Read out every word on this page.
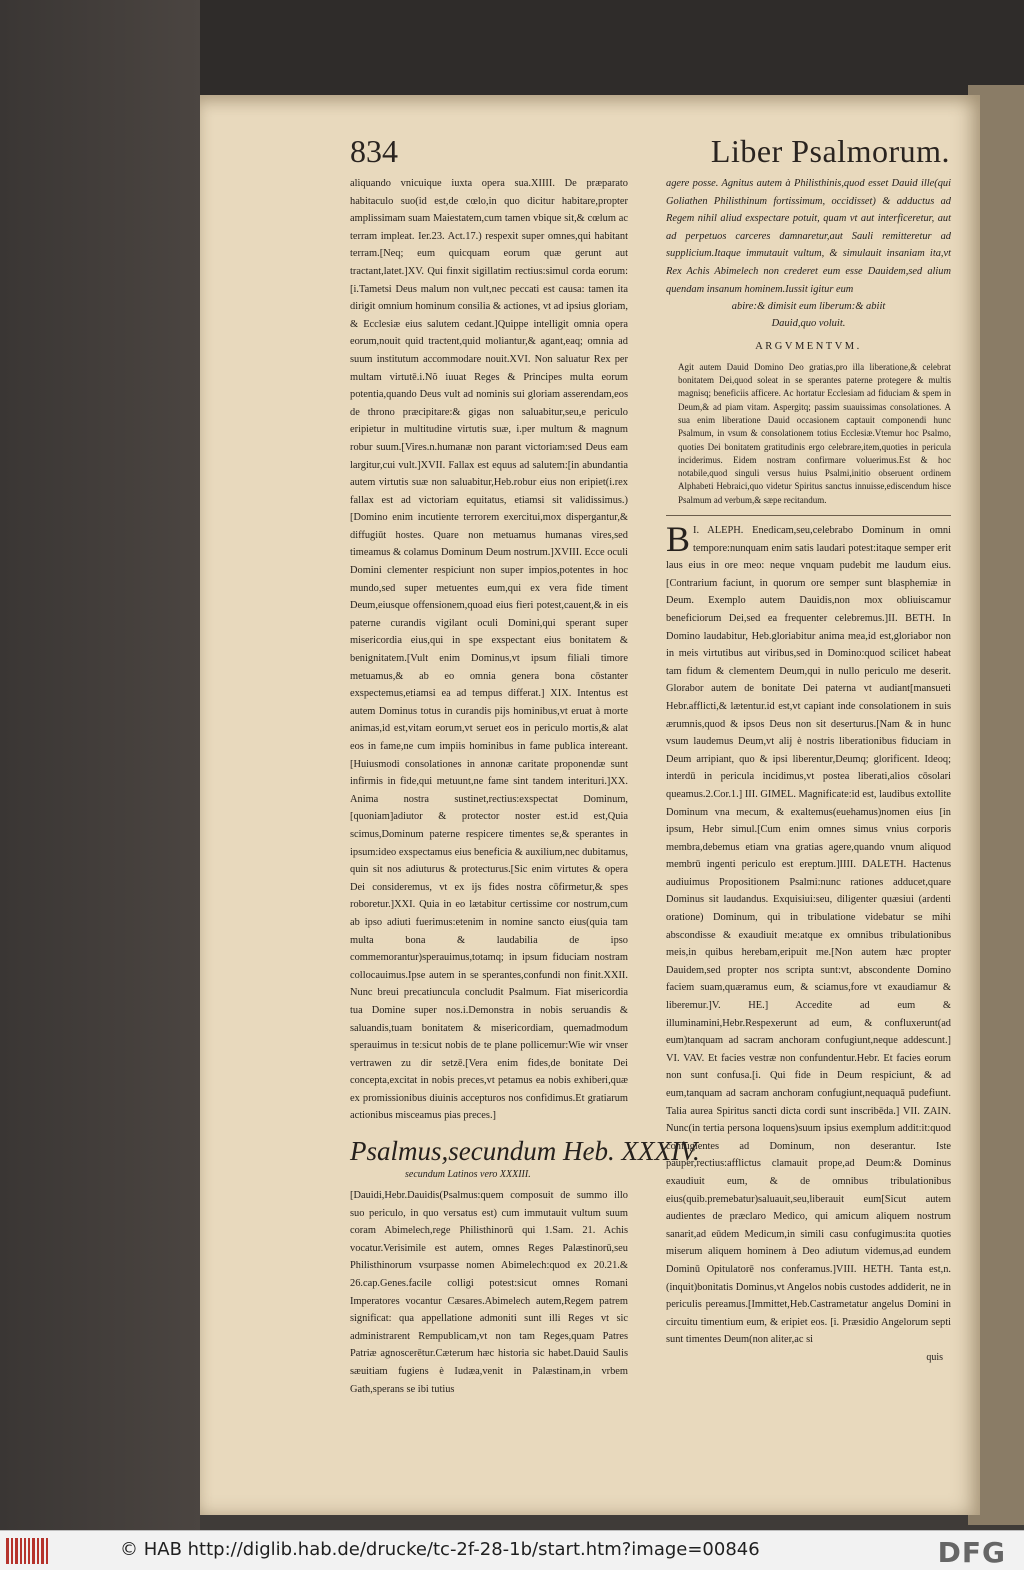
834	Liber Psalmorum.

aliquando vnicuique iuxta opera sua.XIIII. De præparato habitaculo suo(id est,de cœlo,in quo dicitur habitare,propter amplissimam suam Maiestatem,cum tamen vbique sit,& cœlum ac terram impleat. Ier.23. Act.17.) respexit super omnes,qui habitant terram.[Neq; eum quicquam eorum quæ gerunt aut tractant,latet.]XV. Qui finxit sigillatim rectius:simul corda eorum:[i.Tametsi Deus malum non vult,nec peccati est causa: tamen ita dirigit omnium hominum consilia & actiones, vt ad ipsius gloriam, & Ecclesiæ eius salutem cedant.]Quippe intelligit omnia opera eorum,nouit quid tractent,quid moliantur,& agant,eaq; omnia ad suum institutum accommodare nouit.XVI. Non saluatur Rex per multam virtutē.i.Nõ iuuat Reges & Principes multa eorum potentia,quando Deus vult ad nominis sui gloriam asserendam,eos de throno præcipitare:& gigas non saluabitur,seu,e periculo eripietur in multitudine virtutis suæ, i.per multum & magnum robur suum.[Vires.n.humanæ non parant victoriam:sed Deus eam largitur,cui vult.]XVII. Fallax est equus ad salutem:[in abundantia autem virtutis suæ non saluabitur,Heb.robur eius non eripiet(i.rex fallax est ad victoriam equitatus, etiamsi sit validissimus.)[Domino enim incutiente terrorem exercitui,mox dispergantur,& diffugiūt hostes. Quare non metuamus humanas vires,sed timeamus & colamus Dominum Deum nostrum.]XVIII. Ecce oculi Domini clementer respiciunt non super impios,potentes in hoc mundo,sed super metuentes eum,qui ex vera fide timent Deum,eiusque offensionem,quoad eius fieri potest,cauent,& in eis paterne curandis vigilant oculi Domini,qui sperant super misericordia eius,qui in spe exspectant eius bonitatem & benignitatem.[Vult enim Dominus,vt ipsum filiali timore metuamus,& ab eo omnia genera bona cōstanter exspectemus,etiamsi ea ad tempus differat.] XIX. Intentus est autem Dominus totus in curandis pijs hominibus,vt eruat à morte animas,id est,vitam eorum,vt seruet eos in periculo mortis,& alat eos in fame,ne cum impiis hominibus in fame publica intereant.[Huiusmodi consolationes in annonæ caritate proponendæ sunt infirmis in fide,qui metuunt,ne fame sint tandem interituri.]XX. Anima nostra sustinet,rectius:exspectat Dominum,[quoniam]adiutor & protector noster est.id est,Quia scimus,Dominum paterne respicere timentes se,& sperantes in ipsum:ideo exspectamus eius beneficia & auxilium,nec dubitamus, quin sit nos adiuturus & protecturus.[Sic enim virtutes & opera Dei consideremus, vt ex ijs fides nostra cōfirmetur,& spes roboretur.]XXI. Quia in eo lætabitur certissime cor nostrum,cum ab ipso adiuti fuerimus:etenim in nomine sancto eius(quia tam multa bona & laudabilia de ipso commemorantur)sperauimus,totamq; in ipsum fiduciam nostram collocauimus.Ipse autem in se sperantes,confundi non finit.XXII. Nunc breui precatiuncula concludit Psalmum. Fiat misericordia tua Domine super nos.i.Demonstra in nobis seruandis & saluandis,tuam bonitatem & misericordiam, quemadmodum sperauimus in te:sicut nobis de te plane pollicemur:Wie wir vnser vertrawen zu dir setzē.[Vera enim fides,de bonitate Dei concepta,excitat in nobis preces,vt petamus ea nobis exhiberi,quæ ex promissionibus diuinis accepturos nos confidimus.Et gratiarum actionibus misceamus pias preces.]

Psalmus,secundum Heb. XXXIV.
secundum Latinos vero XXXIII.

[Dauidi,Hebr.Dauidis(Psalmus:quem composuit de summo illo suo periculo, in quo versatus est) cum immutauit vultum suum coram Abimelech,rege Philisthinorū qui 1.Sam. 21. Achis vocatur.Verisimile est autem, omnes Reges Palæstinorū,seu Philisthinorum vsurpasse nomen Abimelech:quod ex 20.21.& 26.cap.Genes.facile colligi potest:sicut omnes Romani Imperatores vocantur Cæsares.Abimelech autem,Regem patrem significat: qua appellatione admoniti sunt illi Reges vt sic administrarent Rempublicam,vt non tam Reges,quam Patres Patriæ agnoscerētur.Cæterum hæc historia sic habet.Dauid Saulis sæuitiam fugiens è Iudæa,venit in Palæstinam,in vrbem Gath,sperans se ibi tutius

agere posse. Agnitus autem à Philisthinis,quod esset Dauid ille(qui Goliathen Philisthinum fortissimum, occidisset) & adductus ad Regem nihil aliud exspectare potuit, quam vt aut interficeretur, aut ad perpetuos carceres damnaretur,aut Sauli remitteretur ad supplicium.Itaque immutauit vultum, & simulauit insaniam ita,vt Rex Achis Abimelech non crederet eum esse Dauidem,sed alium quendam insanum hominem.Iussit igitur eum

abire:& dimisit eum liberum:& abiit
Dauid,quo voluit.
ARGVMENTVM.

Agit autem Dauid Domino Deo gratias,pro illa liberatione,& celebrat bonitatem Dei,quod soleat in se sperantes paterne protegere & multis magnisq; beneficiis afficere. Ac hortatur Ecclesiam ad fiduciam & spem in Deum,& ad piam vitam. Aspergitq; passim suauissimas consolationes. A sua enim liberatione Dauid occasionem captauit componendi hunc Psalmum, in vsum & consolationem totius Ecclesiæ.Vtemur hoc Psalmo, quoties Dei bonitatem gratitudinis ergo celebrare,item,quoties in pericula inciderimus. Eidem nostram confirmare voluerimus.Est & hoc notabile,quod singuli versus huius Psalmi,initio obseruent ordinem Alphabeti Hebraici,quo videtur Spiritus sanctus innuisse,ediscendum hisce Psalmum ad verbum,& sæpe recitandum.

I. ALEPH.
B	Enedicam,seu,celebrabo Dominum in omni tempore:nunquam enim satis laudari potest:itaque semper erit laus eius in ore meo: neque vnquam pudebit me laudum eius. [Contrarium faciunt, in quorum ore semper sunt blasphemiæ in Deum. Exemplo autem Dauidis,non mox obliuiscamur beneficiorum Dei,sed ea frequenter celebremus.]II. BETH. In Domino laudabitur, Heb.gloriabitur anima mea,id est,gloriabor non in meis virtutibus aut viribus,sed in Domino:quod scilicet habeat tam fidum & clementem Deum,qui in nullo periculo me deserit. Glorabor autem de bonitate Dei paterna vt audiant[mansueti Hebr.afflicti,& lætentur.id est,vt capiant inde consolationem in suis ærumnis,quod & ipsos Deus non sit deserturus.[Nam & in hunc vsum laudemus Deum,vt alij è nostris liberationibus fiduciam in Deum arripiant, quo & ipsi liberentur,Deumq; glorificent. Ideoq; interdū in pericula incidimus,vt postea liberati,alios cōsolari queamus.2.Cor.1.] III. GIMEL. Magnificate:id est, laudibus extollite Dominum vna mecum, & exaltemus(euehamus)nomen eius [in ipsum, Hebr simul.[Cum enim omnes simus vnius corporis membra,debemus etiam vna gratias agere,quando vnum aliquod membrū ingenti periculo est ereptum.]IIII. DALETH. Hactenus audiuimus Propositionem Psalmi:nunc rationes adducet,quare Dominus sit laudandus. Exquisiui:seu, diligenter quæsiui (ardenti oratione) Dominum, qui in tribulatione videbatur se mihi abscondisse & exaudiuit me:atque ex omnibus tribulationibus meis,in quibus herebam,eripuit me.[Non autem hæc propter Dauidem,sed propter nos scripta sunt:vt, abscondente Domino faciem suam,quæramus eum, & sciamus,fore vt exaudiamur & liberemur.]V. HE.] Accedite ad eum & illuminamini,Hebr.Respexerunt ad eum, & confluxerunt(ad eum)tanquam ad sacram anchoram confugiunt,neque addescunt.] VI. VAV. Et facies vestræ non confundentur.Hebr. Et facies eorum non sunt confusa.[i. Qui fide in Deum respiciunt, & ad eum,tanquam ad sacram anchoram confugiunt,nequaquā pudefiunt. Talia aurea Spiritus sancti dicta cordi sunt inscribēda.] VII. ZAIN. Nunc(in tertia persona loquens)suum ipsius exemplum addit:it:quod confugientes ad Dominum, non deserantur. Iste pauper,rectius:afflictus clamauit prope,ad Deum:& Dominus exaudiuit eum, & de omnibus tribulationibus eius(quib.premebatur)saluauit,seu,liberauit eum[Sicut autem audientes de præclaro Medico, qui amicum aliquem nostrum sanarit,ad eūdem Medicum,in simili casu confugimus:ita quoties miserum aliquem hominem à Deo adiutum videmus,ad eundem Dominū Opitulatorē nos conferamus.]VIII. HETH. Tanta est,n. (inquit)bonitatis Dominus,vt Angelos nobis custodes addiderit, ne in periculis pereamus.[Immittet,Heb.Castrametatur angelus Domini in circuitu timentium eum, & eripiet eos. [i. Præsidio Angelorum septi sunt timentes Deum(non aliter,ac si

quis
© HAB http://diglib.hab.de/drucke/tc-2f-28-1b/start.htm?image=00846	DFG
